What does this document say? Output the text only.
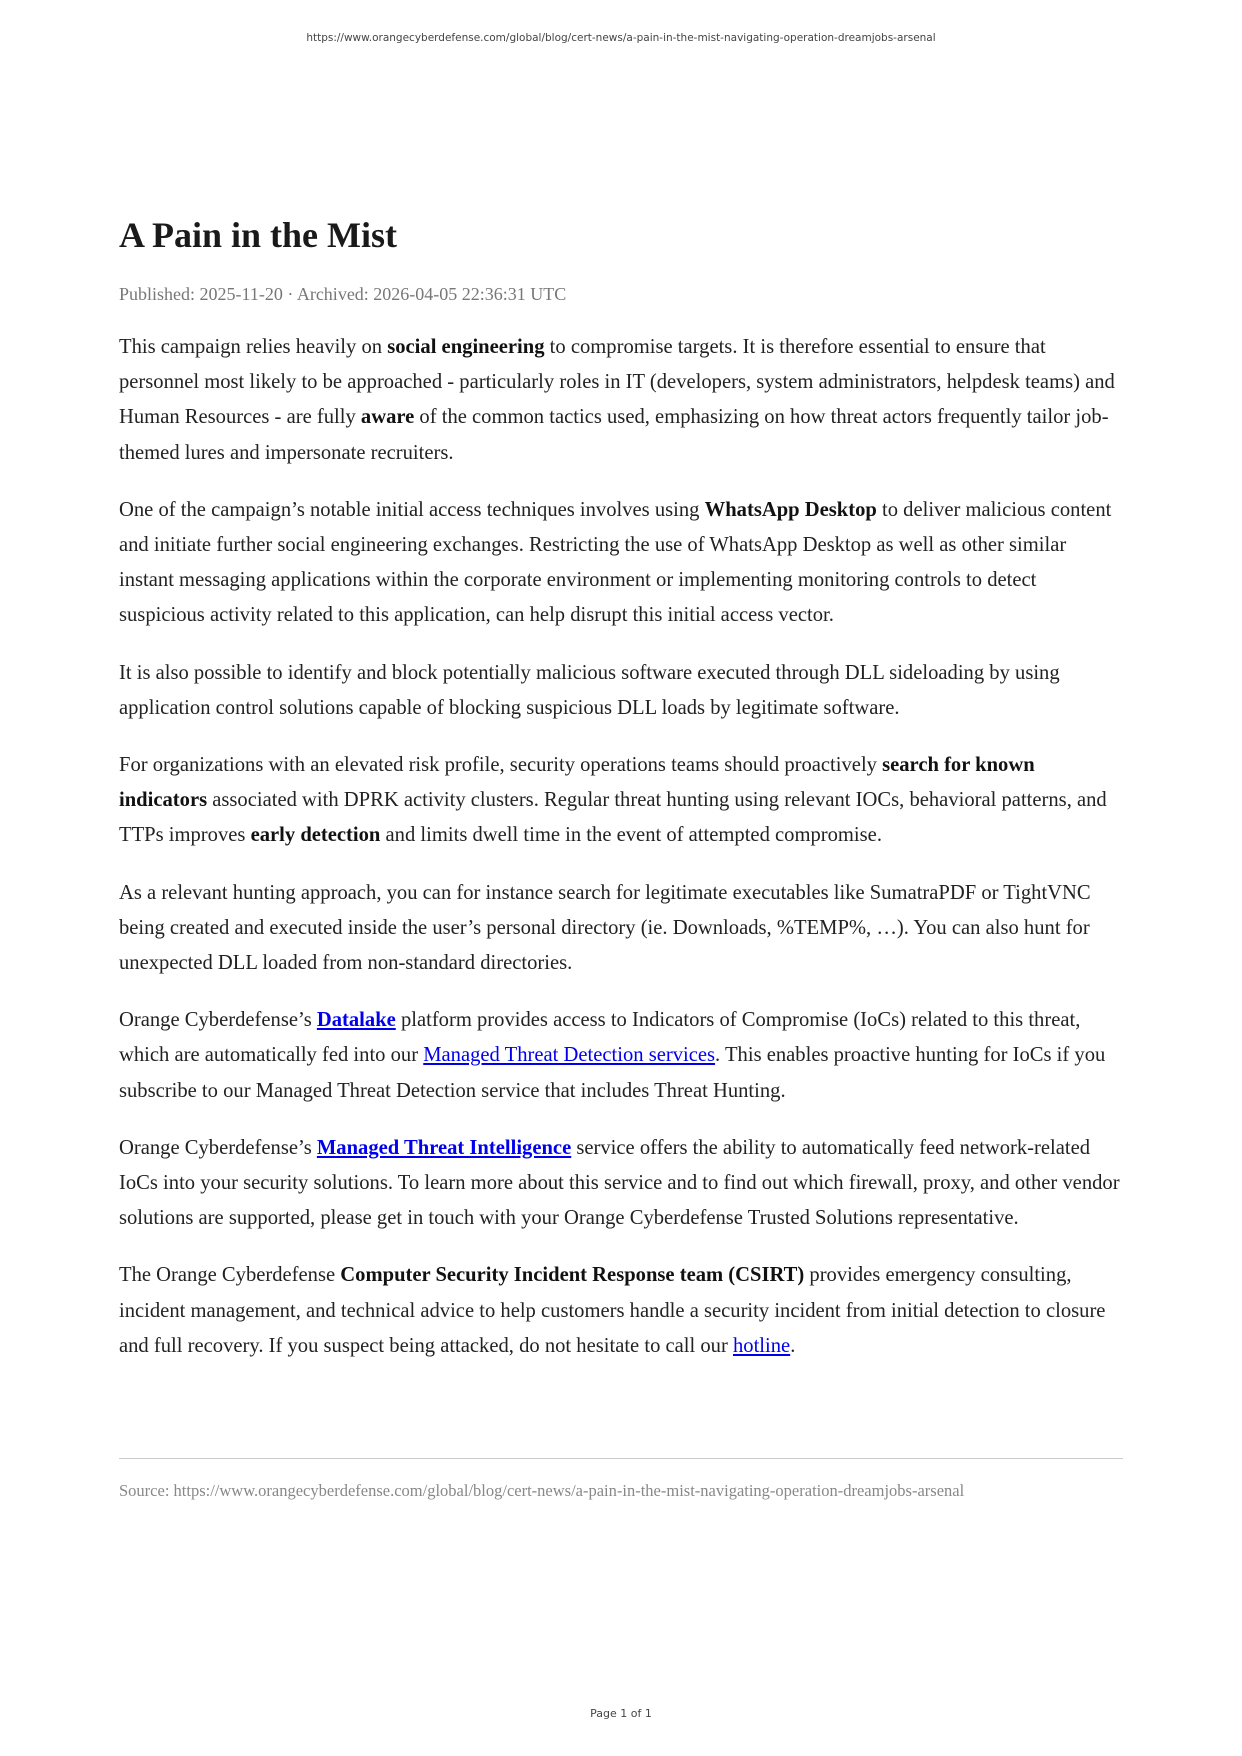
https://www.orangecyberdefense.com/global/blog/cert-news/a-pain-in-the-mist-navigating-operation-dreamjobs-arsenal
A Pain in the Mist
Published: 2025-11-20 · Archived: 2026-04-05 22:36:31 UTC

This campaign relies heavily on social engineering to compromise targets. It is therefore essential to ensure that personnel most likely to be approached - particularly roles in IT (developers, system administrators, helpdesk teams) and Human Resources - are fully aware of the common tactics used, emphasizing on how threat actors frequently tailor job-themed lures and impersonate recruiters.

One of the campaign’s notable initial access techniques involves using WhatsApp Desktop to deliver malicious content and initiate further social engineering exchanges. Restricting the use of WhatsApp Desktop as well as other similar instant messaging applications within the corporate environment or implementing monitoring controls to detect suspicious activity related to this application, can help disrupt this initial access vector.

It is also possible to identify and block potentially malicious software executed through DLL sideloading by using application control solutions capable of blocking suspicious DLL loads by legitimate software.

For organizations with an elevated risk profile, security operations teams should proactively search for known indicators associated with DPRK activity clusters. Regular threat hunting using relevant IOCs, behavioral patterns, and TTPs improves early detection and limits dwell time in the event of attempted compromise.

As a relevant hunting approach, you can for instance search for legitimate executables like SumatraPDF or TightVNC being created and executed inside the user’s personal directory (ie. Downloads, %TEMP%, …). You can also hunt for unexpected DLL loaded from non-standard directories.

Orange Cyberdefense’s Datalake platform provides access to Indicators of Compromise (IoCs) related to this threat, which are automatically fed into our Managed Threat Detection services. This enables proactive hunting for IoCs if you subscribe to our Managed Threat Detection service that includes Threat Hunting.

Orange Cyberdefense’s Managed Threat Intelligence service offers the ability to automatically feed network-related IoCs into your security solutions. To learn more about this service and to find out which firewall, proxy, and other vendor solutions are supported, please get in touch with your Orange Cyberdefense Trusted Solutions representative.

The Orange Cyberdefense Computer Security Incident Response team (CSIRT) provides emergency consulting, incident management, and technical advice to help customers handle a security incident from initial detection to closure and full recovery. If you suspect being attacked, do not hesitate to call our hotline.

Source: https://www.orangecyberdefense.com/global/blog/cert-news/a-pain-in-the-mist-navigating-operation-dreamjobs-arsenal
Page 1 of 1
